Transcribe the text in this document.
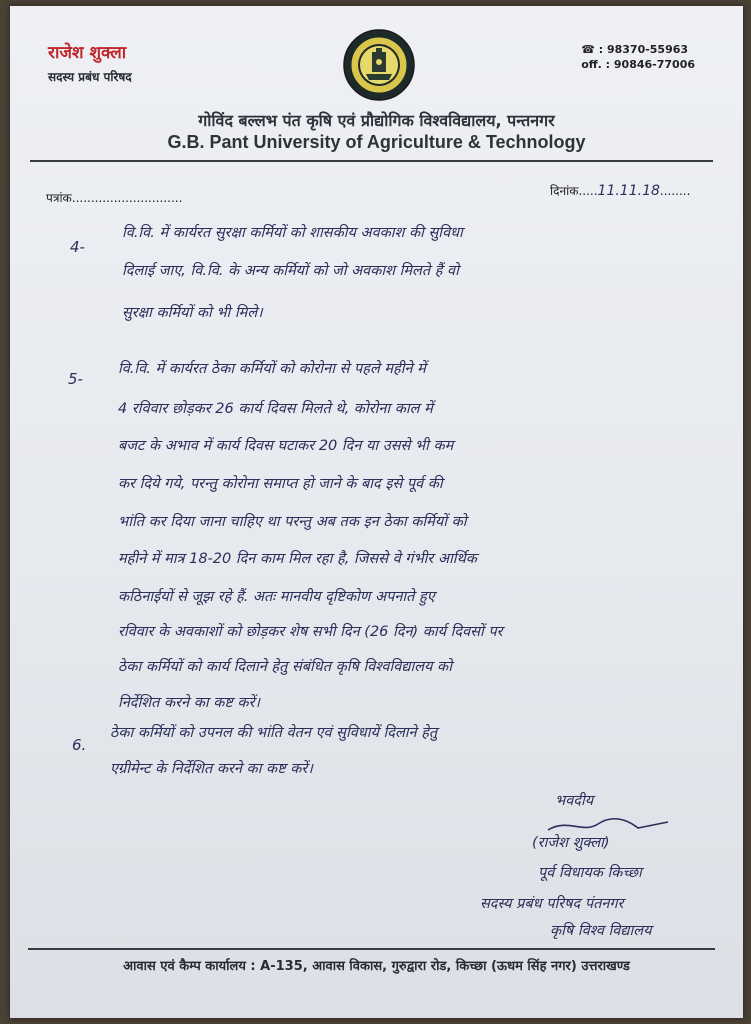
राजेश शुक्ला
सदस्य प्रबंध परिषद
☎ : 98370-55963
off. : 90846-77006
गोविंद बल्लभ पंत कृषि एवं प्रौद्योगिक विश्वविद्यालय, पन्तनगर
G.B. Pant University of Agriculture & Technology
पत्रांक.............................	दिनांक.....11.11.18........
4-
वि.वि. में कार्यरत सुरक्षा कर्मियों को शासकीय अवकाश की सुविधा
दिलाई जाए, वि.वि. के अन्य कर्मियों को जो अवकाश मिलते हैं वो
सुरक्षा कर्मियों को भी मिले।
5-
वि.वि. में कार्यरत ठेका कर्मियों को कोरोना से पहले महीने में
4 रविवार छोड़कर 26 कार्य दिवस मिलते थे, कोरोना काल में
बजट के अभाव में कार्य दिवस घटाकर 20 दिन या उससे भी कम
कर दिये गये, परन्तु कोरोना समाप्त हो जाने के बाद इसे पूर्व की
भांति कर दिया जाना चाहिए था परन्तु अब तक इन ठेका कर्मियों को
महीने में मात्र 18-20 दिन काम मिल रहा है, जिससे वे गंभीर आर्थिक
कठिनाईयों से जूझ रहे हैं. अतः मानवीय दृष्टिकोण अपनाते हुए
रविवार के अवकाशों को छोड़कर शेष सभी दिन (26 दिन) कार्य दिवसों पर
ठेका कर्मियों को कार्य दिलाने हेतु संबंधित कृषि विश्वविद्यालय को
निर्देशित करने का कष्ट करें।
6.
ठेका कर्मियों को उपनल की भांति वेतन एवं सुविधायें दिलाने हेतु
एग्रीमेन्ट के निर्देशित करने का कष्ट करें।
भवदीय
(राजेश शुक्ला)
पूर्व विधायक किच्छा
सदस्य प्रबंध परिषद पंतनगर
कृषि विश्व विद्यालय
आवास एवं कैम्प कार्यालय : A-135, आवास विकास, गुरुद्वारा रोड, किच्छा (ऊधम सिंह नगर) उत्तराखण्ड
